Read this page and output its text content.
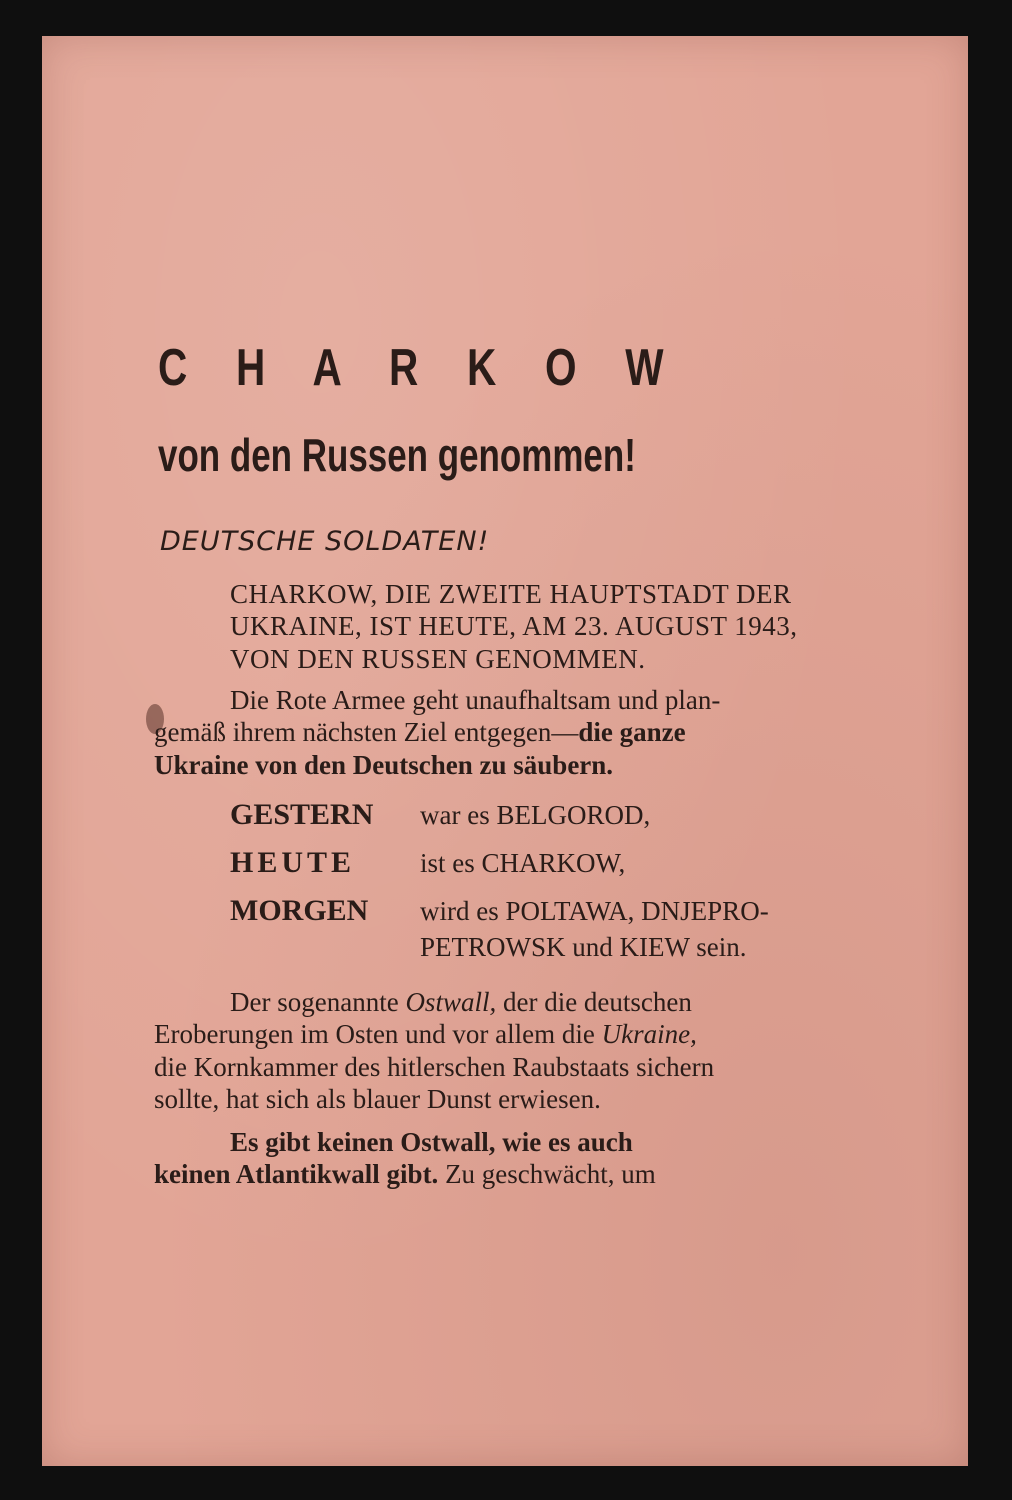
C H A R K O W
von den Russen genommen!

DEUTSCHE SOLDATEN!

CHARKOW, DIE ZWEITE HAUPTSTADT DER
UKRAINE, IST HEUTE, AM 23. AUGUST 1943,
VON DEN RUSSEN GENOMMEN.
Die Rote Armee geht unaufhaltsam und plan-
gemäß ihrem nächsten Ziel entgegen—die ganze
Ukraine von den Deutschen zu säubern.
GESTERN	war es BELGOROD,
HEUTE	ist es CHARKOW,
MORGEN	wird es POLTAWA, DNJEPRO-
PETROWSK und KIEW sein.
Der sogenannte Ostwall, der die deutschen
Eroberungen im Osten und vor allem die Ukraine,
die Kornkammer des hitlerschen Raubstaats sichern
sollte, hat sich als blauer Dunst erwiesen.
Es gibt keinen Ostwall, wie es auch
keinen Atlantikwall gibt. Zu geschwächt, um
